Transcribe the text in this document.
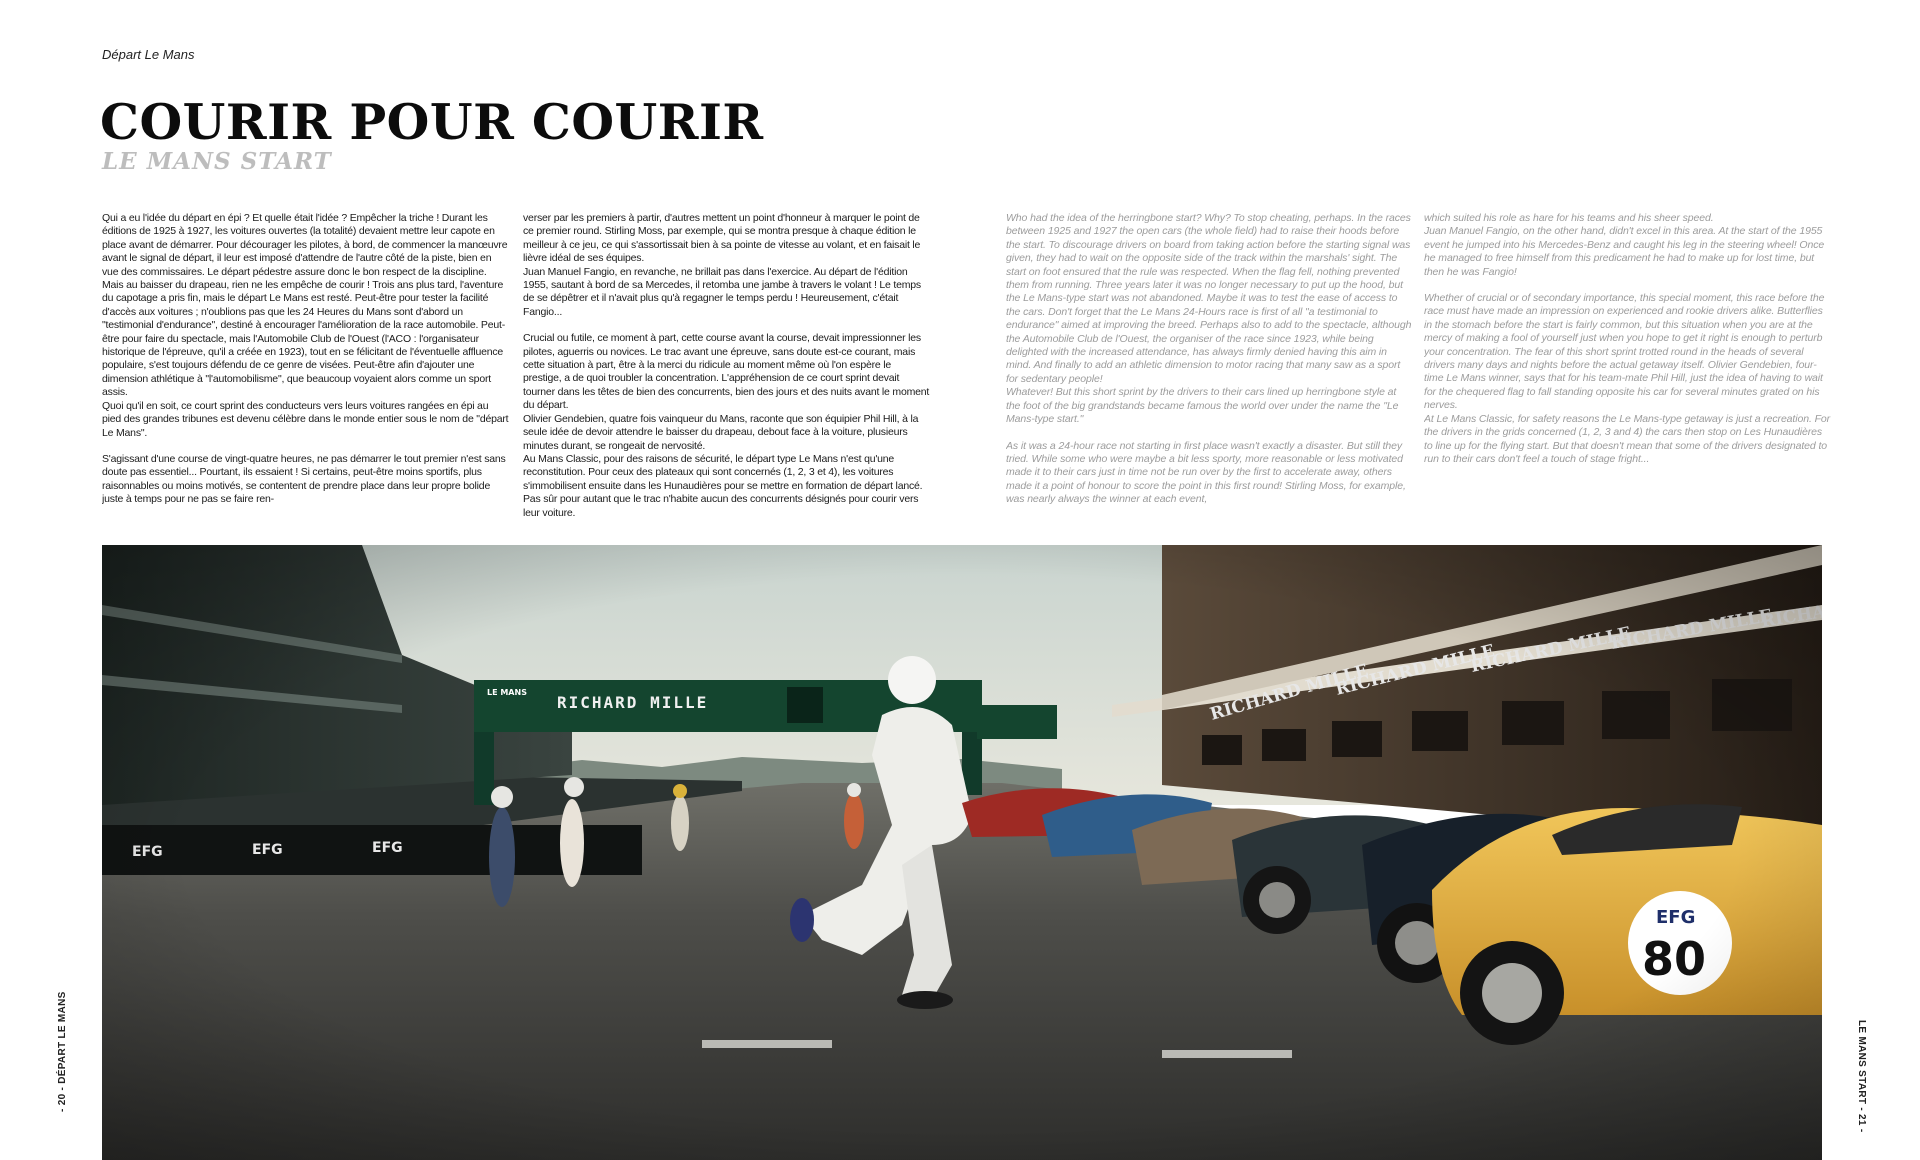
Départ Le Mans
COURIR POUR COURIR
LE MANS START

Qui a eu l'idée du départ en épi ? Et quelle était l'idée ? Empêcher la triche ! Durant les éditions de 1925 à 1927, les voitures ouvertes (la totalité) devaient mettre leur capote en place avant de démarrer. Pour décourager les pilotes, à bord, de commencer la manœuvre avant le signal de départ, il leur est imposé d'attendre de l'autre côté de la piste, bien en vue des commissaires. Le départ pédestre assure donc le bon respect de la discipline. Mais au baisser du drapeau, rien ne les empêche de courir ! Trois ans plus tard, l'aventure du capotage a pris fin, mais le départ Le Mans est resté. Peut-être pour tester la facilité d'accès aux voitures ; n'oublions pas que les 24 Heures du Mans sont d'abord un "testimonial d'endurance", destiné à encourager l'amélioration de la race automobile. Peut-être pour faire du spectacle, mais l'Automobile Club de l'Ouest (l'ACO : l'organisateur historique de l'épreuve, qu'il a créée en 1923), tout en se félicitant de l'éventuelle affluence populaire, s'est toujours défendu de ce genre de visées. Peut-être afin d'ajouter une dimension athlétique à "l'automobilisme", que beaucoup voyaient alors comme un sport assis.

Quoi qu'il en soit, ce court sprint des conducteurs vers leurs voitures rangées en épi au pied des grandes tribunes est devenu célèbre dans le monde entier sous le nom de "départ Le Mans".

S'agissant d'une course de vingt-quatre heures, ne pas démarrer le tout premier n'est sans doute pas essentiel... Pourtant, ils essaient ! Si certains, peut-être moins sportifs, plus raisonnables ou moins motivés, se contentent de prendre place dans leur propre bolide juste à temps pour ne pas se faire ren-

verser par les premiers à partir, d'autres mettent un point d'honneur à marquer le point de ce premier round. Stirling Moss, par exemple, qui se montra presque à chaque édition le meilleur à ce jeu, ce qui s'assortissait bien à sa pointe de vitesse au volant, et en faisait le lièvre idéal de ses équipes.

Juan Manuel Fangio, en revanche, ne brillait pas dans l'exercice. Au départ de l'édition 1955, sautant à bord de sa Mercedes, il retomba une jambe à travers le volant ! Le temps de se dépêtrer et il n'avait plus qu'à regagner le temps perdu ! Heureusement, c'était Fangio...

Crucial ou futile, ce moment à part, cette course avant la course, devait impressionner les pilotes, aguerris ou novices. Le trac avant une épreuve, sans doute est-ce courant, mais cette situation à part, être à la merci du ridicule au moment même où l'on espère le prestige, a de quoi troubler la concentration. L'appréhension de ce court sprint devait tourner dans les têtes de bien des concurrents, bien des jours et des nuits avant le moment du départ.

Olivier Gendebien, quatre fois vainqueur du Mans, raconte que son équipier Phil Hill, à la seule idée de devoir attendre le baisser du drapeau, debout face à la voiture, plusieurs minutes durant, se rongeait de nervosité.

Au Mans Classic, pour des raisons de sécurité, le départ type Le Mans n'est qu'une reconstitution. Pour ceux des plateaux qui sont concernés (1, 2, 3 et 4), les voitures s'immobilisent ensuite dans les Hunaudières pour se mettre en formation de départ lancé. Pas sûr pour autant que le trac n'habite aucun des concurrents désignés pour courir vers leur voiture.

Who had the idea of the herringbone start? Why? To stop cheating, perhaps. In the races between 1925 and 1927 the open cars (the whole field) had to raise their hoods before the start. To discourage drivers on board from taking action before the starting signal was given, they had to wait on the opposite side of the track within the marshals' sight. The start on foot ensured that the rule was respected. When the flag fell, nothing prevented them from running. Three years later it was no longer necessary to put up the hood, but the Le Mans-type start was not abandoned. Maybe it was to test the ease of access to the cars. Don't forget that the Le Mans 24-Hours race is first of all "a testimonial to endurance" aimed at improving the breed. Perhaps also to add to the spectacle, although the Automobile Club de l'Ouest, the organiser of the race since 1923, while being delighted with the increased attendance, has always firmly denied having this aim in mind. And finally to add an athletic dimension to motor racing that many saw as a sport for sedentary people!

Whatever! But this short sprint by the drivers to their cars lined up herringbone style at the foot of the big grandstands became famous the world over under the name the "Le Mans-type start."

As it was a 24-hour race not starting in first place wasn't exactly a disaster. But still they tried. While some who were maybe a bit less sporty, more reasonable or less motivated made it to their cars just in time not be run over by the first to accelerate away, others made it a point of honour to score the point in this first round! Stirling Moss, for example, was nearly always the winner at each event,

which suited his role as hare for his teams and his sheer speed.

Juan Manuel Fangio, on the other hand, didn't excel in this area. At the start of the 1955 event he jumped into his Mercedes-Benz and caught his leg in the steering wheel! Once he managed to free himself from this predicament he had to make up for lost time, but then he was Fangio!

Whether of crucial or of secondary importance, this special moment, this race before the race must have made an impression on experienced and rookie drivers alike. Butterflies in the stomach before the start is fairly common, but this situation when you are at the mercy of making a fool of yourself just when you hope to get it right is enough to perturb your concentration. The fear of this short sprint trotted round in the heads of several drivers many days and nights before the actual getaway itself. Olivier Gendebien, four-time Le Mans winner, says that for his team-mate Phil Hill, just the idea of having to wait for the chequered flag to fall standing opposite his car for several minutes grated on his nerves.

At Le Mans Classic, for safety reasons the Le Mans-type getaway is just a recreation. For the drivers in the grids concerned (1, 2, 3 and 4) the cars then stop on Les Hunaudières to line up for the flying start. But that doesn't mean that some of the drivers designated to run to their cars don't feel a touch of stage fright...

- 20 - DÉPART LE MANS	LE MANS START - 21 -
